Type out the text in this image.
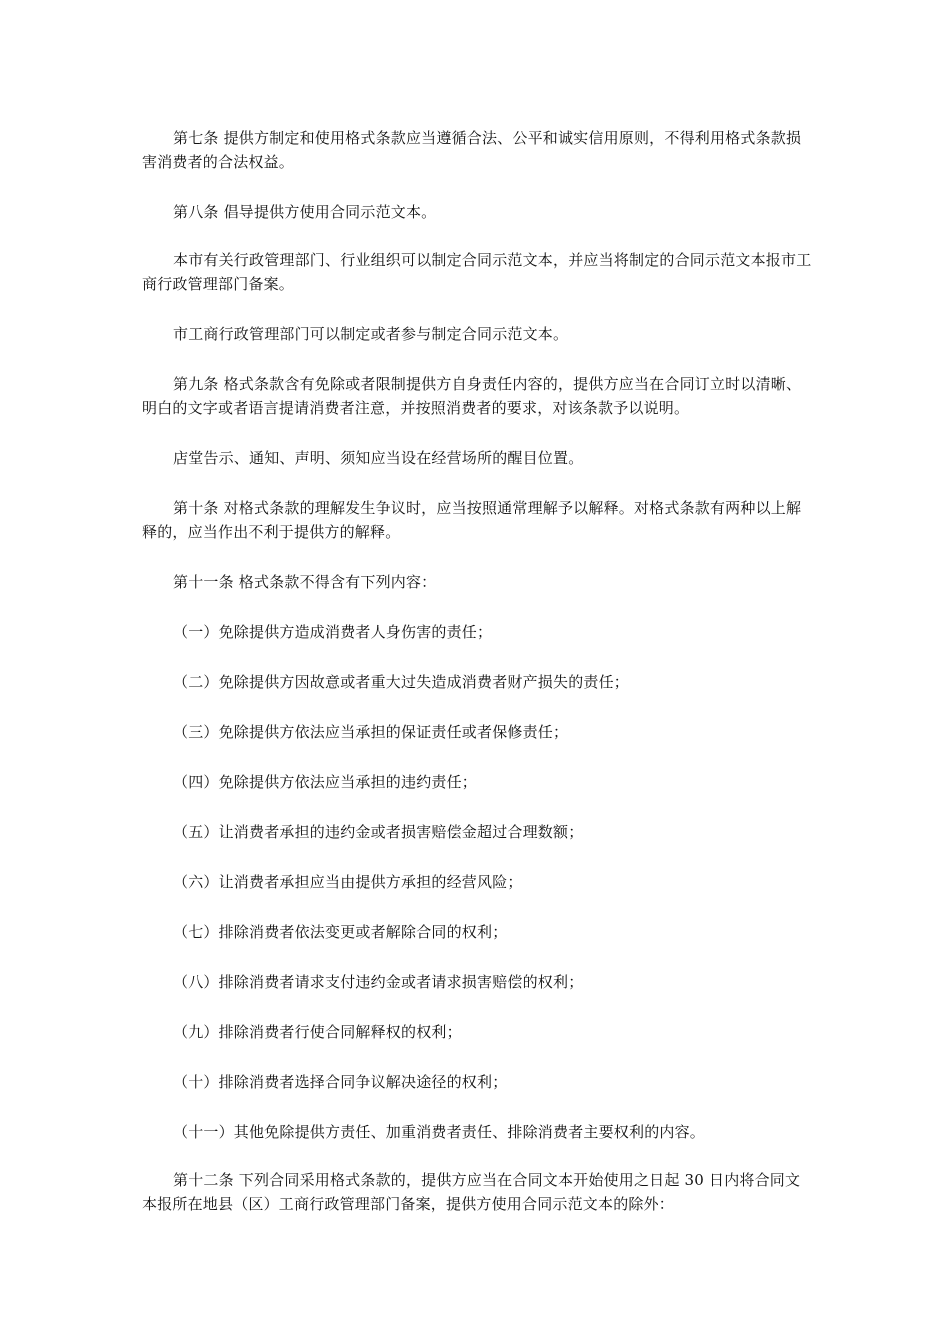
第七条 提供方制定和使用格式条款应当遵循合法、公平和诚实信用原则，不得利用格式条款损害消费者的合法权益。

第八条 倡导提供方使用合同示范文本。

本市有关行政管理部门、行业组织可以制定合同示范文本，并应当将制定的合同示范文本报市工商行政管理部门备案。

市工商行政管理部门可以制定或者参与制定合同示范文本。

第九条 格式条款含有免除或者限制提供方自身责任内容的，提供方应当在合同订立时以清晰、明白的文字或者语言提请消费者注意，并按照消费者的要求，对该条款予以说明。

店堂告示、通知、声明、须知应当设在经营场所的醒目位置。

第十条 对格式条款的理解发生争议时，应当按照通常理解予以解释。对格式条款有两种以上解释的，应当作出不利于提供方的解释。

第十一条 格式条款不得含有下列内容：

（一）免除提供方造成消费者人身伤害的责任；

（二）免除提供方因故意或者重大过失造成消费者财产损失的责任；

（三）免除提供方依法应当承担的保证责任或者保修责任；

（四）免除提供方依法应当承担的违约责任；

（五）让消费者承担的违约金或者损害赔偿金超过合理数额；

（六）让消费者承担应当由提供方承担的经营风险；

（七）排除消费者依法变更或者解除合同的权利；

（八）排除消费者请求支付违约金或者请求损害赔偿的权利；

（九）排除消费者行使合同解释权的权利；

（十）排除消费者选择合同争议解决途径的权利；

（十一）其他免除提供方责任、加重消费者责任、排除消费者主要权利的内容。

第十二条 下列合同采用格式条款的，提供方应当在合同文本开始使用之日起 30 日内将合同文本报所在地县（区）工商行政管理部门备案，提供方使用合同示范文本的除外：
